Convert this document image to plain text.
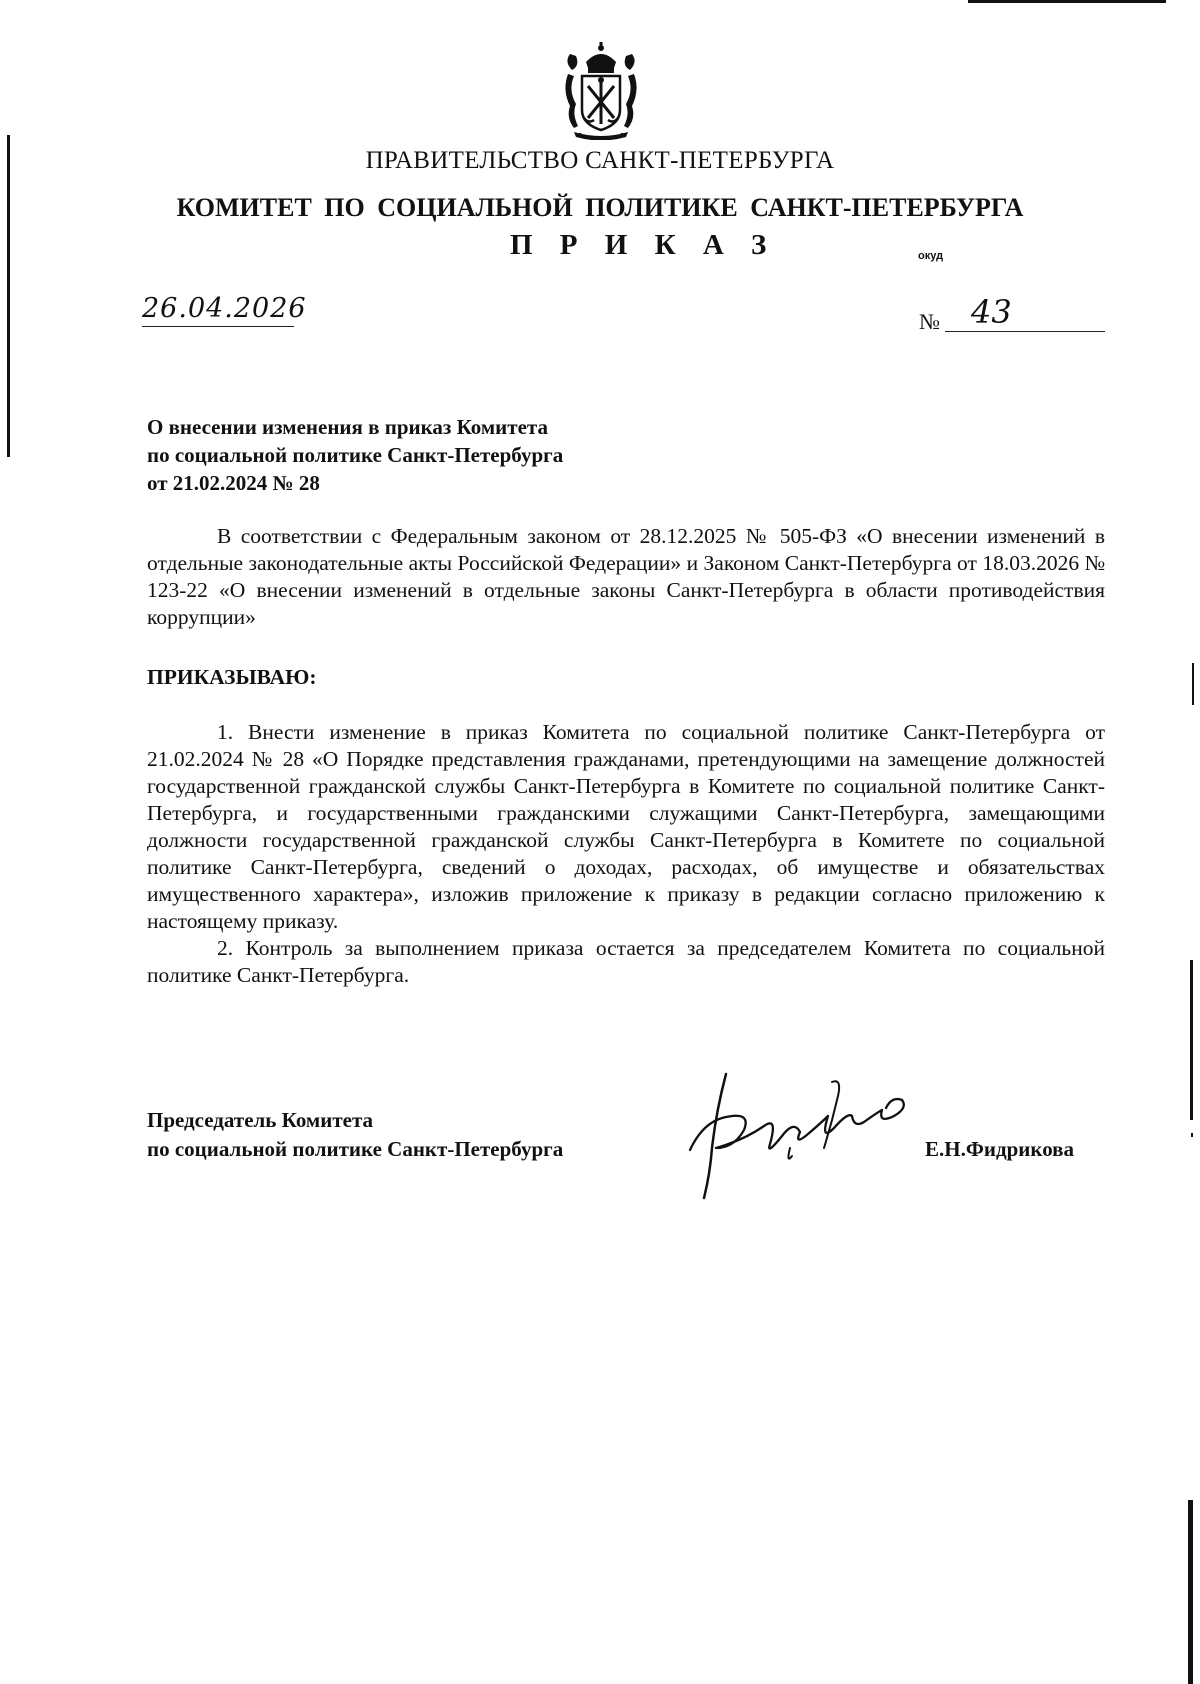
ПРАВИТЕЛЬСТВО САНКТ-ПЕТЕРБУРГА
КОМИТЕТ ПО СОЦИАЛЬНОЙ ПОЛИТИКЕ САНКТ-ПЕТЕРБУРГА
П Р И К А З	окуд
26.04.2026	№ 43
О внесении изменения в приказ Комитета
по социальной политике Санкт-Петербурга
от 21.02.2024 № 28
В соответствии с Федеральным законом от 28.12.2025 № 505-ФЗ «О внесении изменений в отдельные законодательные акты Российской Федерации» и Законом Санкт-Петербурга от 18.03.2026 № 123-22 «О внесении изменений в отдельные законы Санкт-Петербурга в области противодействия коррупции»
ПРИКАЗЫВАЮ:
1. Внести изменение в приказ Комитета по социальной политике Санкт-Петербурга от 21.02.2024 № 28 «О Порядке представления гражданами, претендующими на замещение должностей государственной гражданской службы Санкт-Петербурга в Комитете по социальной политике Санкт-Петербурга, и государственными гражданскими служащими Санкт-Петербурга, замещающими должности государственной гражданской службы Санкт-Петербурга в Комитете по социальной политике Санкт-Петербурга, сведений о доходах, расходах, об имуществе и обязательствах имущественного характера», изложив приложение к приказу в редакции согласно приложению к настоящему приказу.
2. Контроль за выполнением приказа остается за председателем Комитета по социальной политике Санкт-Петербурга.
Председатель Комитета
по социальной политике Санкт-Петербурга	Е.Н.Фидрикова
